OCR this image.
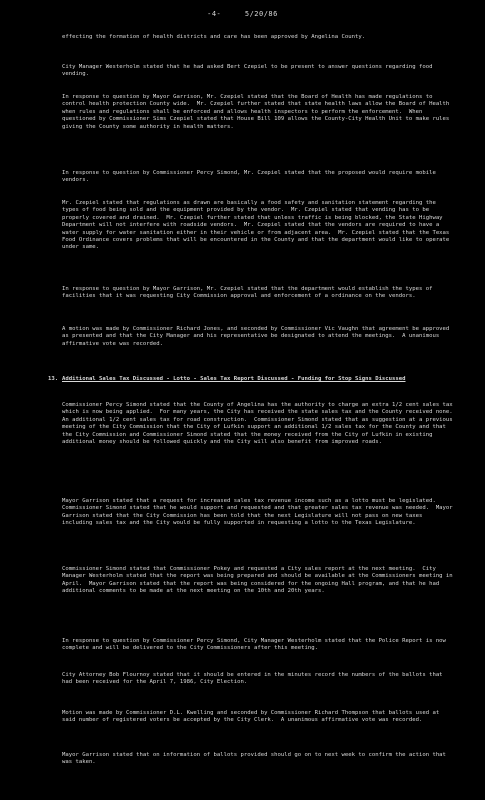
-4-	5/20/86
effecting the formation of health districts and care has been approved by Angelina County.
City Manager Westerholm stated that he had asked Bert Czepiel to be present to answer questions regarding food vending.
In response to question by Mayor Garrison, Mr. Czepiel stated that the Board of Health has made regulations to control health protection County wide.  Mr. Czepiel further stated that state health laws allow the Board of Health when rules and regulations shall be enforced and allows health inspectors to perform the enforcement.  When questioned by Commissioner Sims Czepiel stated that House Bill 109 allows the County-City Health Unit to make rules giving the County some authority in health matters.
In response to question by Commissioner Percy Simond, Mr. Czepiel stated that the proposed would require mobile vendors.
Mr. Czepiel stated that regulations as drawn are basically a food safety and sanitation statement regarding the types of food being sold and the equipment provided by the vendor.  Mr. Czepiel stated that vending has to be properly covered and drained.  Mr. Czepiel further stated that unless traffic is being blocked, the State Highway Department will not interfere with roadside vendors.  Mr. Czepiel stated that the vendors are required to have a water supply for water sanitation either in their vehicle or from adjacent area.  Mr. Czepiel stated that the Texas Food Ordinance covers problems that will be encountered in the County and that the department would like to operate under same.
In response to question by Mayor Garrison, Mr. Czepiel stated that the department would establish the types of facilities that it was requesting City Commission approval and enforcement of a ordinance on the vendors.
A motion was made by Commissioner Richard Jones, and seconded by Commissioner Vic Vaughn that agreement be approved as presented and that the City Manager and his representative be designated to attend the meetings.  A unanimous affirmative vote was recorded.
13. Additional Sales Tax Discussed - Lotto - Sales Tax Report Discussed - Funding for Stop Signs Discussed
Commissioner Percy Simond stated that the County of Angelina has the authority to charge an extra 1/2 cent sales tax which is now being applied.  For many years, the City has received the state sales tax and the County received none.  An additional 1/2 cent sales tax for road construction.  Commissioner Simond stated that as suggestion at a previous meeting of the City Commission that the City of Lufkin support an additional 1/2 sales tax for the County and that the City Commission and Commissioner Simond stated that the money received from the City of Lufkin in existing additional money should be followed quickly and the City will also benefit from improved roads.
Mayor Garrison stated that a request for increased sales tax revenue income such as a lotto must be legislated.  Commissioner Simond stated that he would support and requested and that greater sales tax revenue was needed.  Mayor Garrison stated that the City Commission has been told that the next Legislature will not pass on new taxes including sales tax and the City would be fully supported in requesting a lotto to the Texas Legislature.
Commissioner Simond stated that Commissioner Pokey and requested a City sales report at the next meeting.  City Manager Westerholm stated that the report was being prepared and should be available at the Commissioners meeting in April.  Mayor Garrison stated that the report was being considered for the ongoing Hall program, and that he had additional comments to be made at the next meeting on the 10th and 20th years.
In response to question by Commissioner Percy Simond, City Manager Westerholm stated that the Police Report is now complete and will be delivered to the City Commissioners after this meeting.
City Attorney Bob Flournoy stated that it should be entered in the minutes record the numbers of the ballots that had been received for the April 7, 1986, City Election.
Motion was made by Commissioner D.L. Kwelling and seconded by Commissioner Richard Thompson that ballots used at said number of registered voters be accepted by the City Clerk.  A unanimous affirmative vote was recorded.
Mayor Garrison stated that on information of ballots provided should go on to next week to confirm the action that was taken.
